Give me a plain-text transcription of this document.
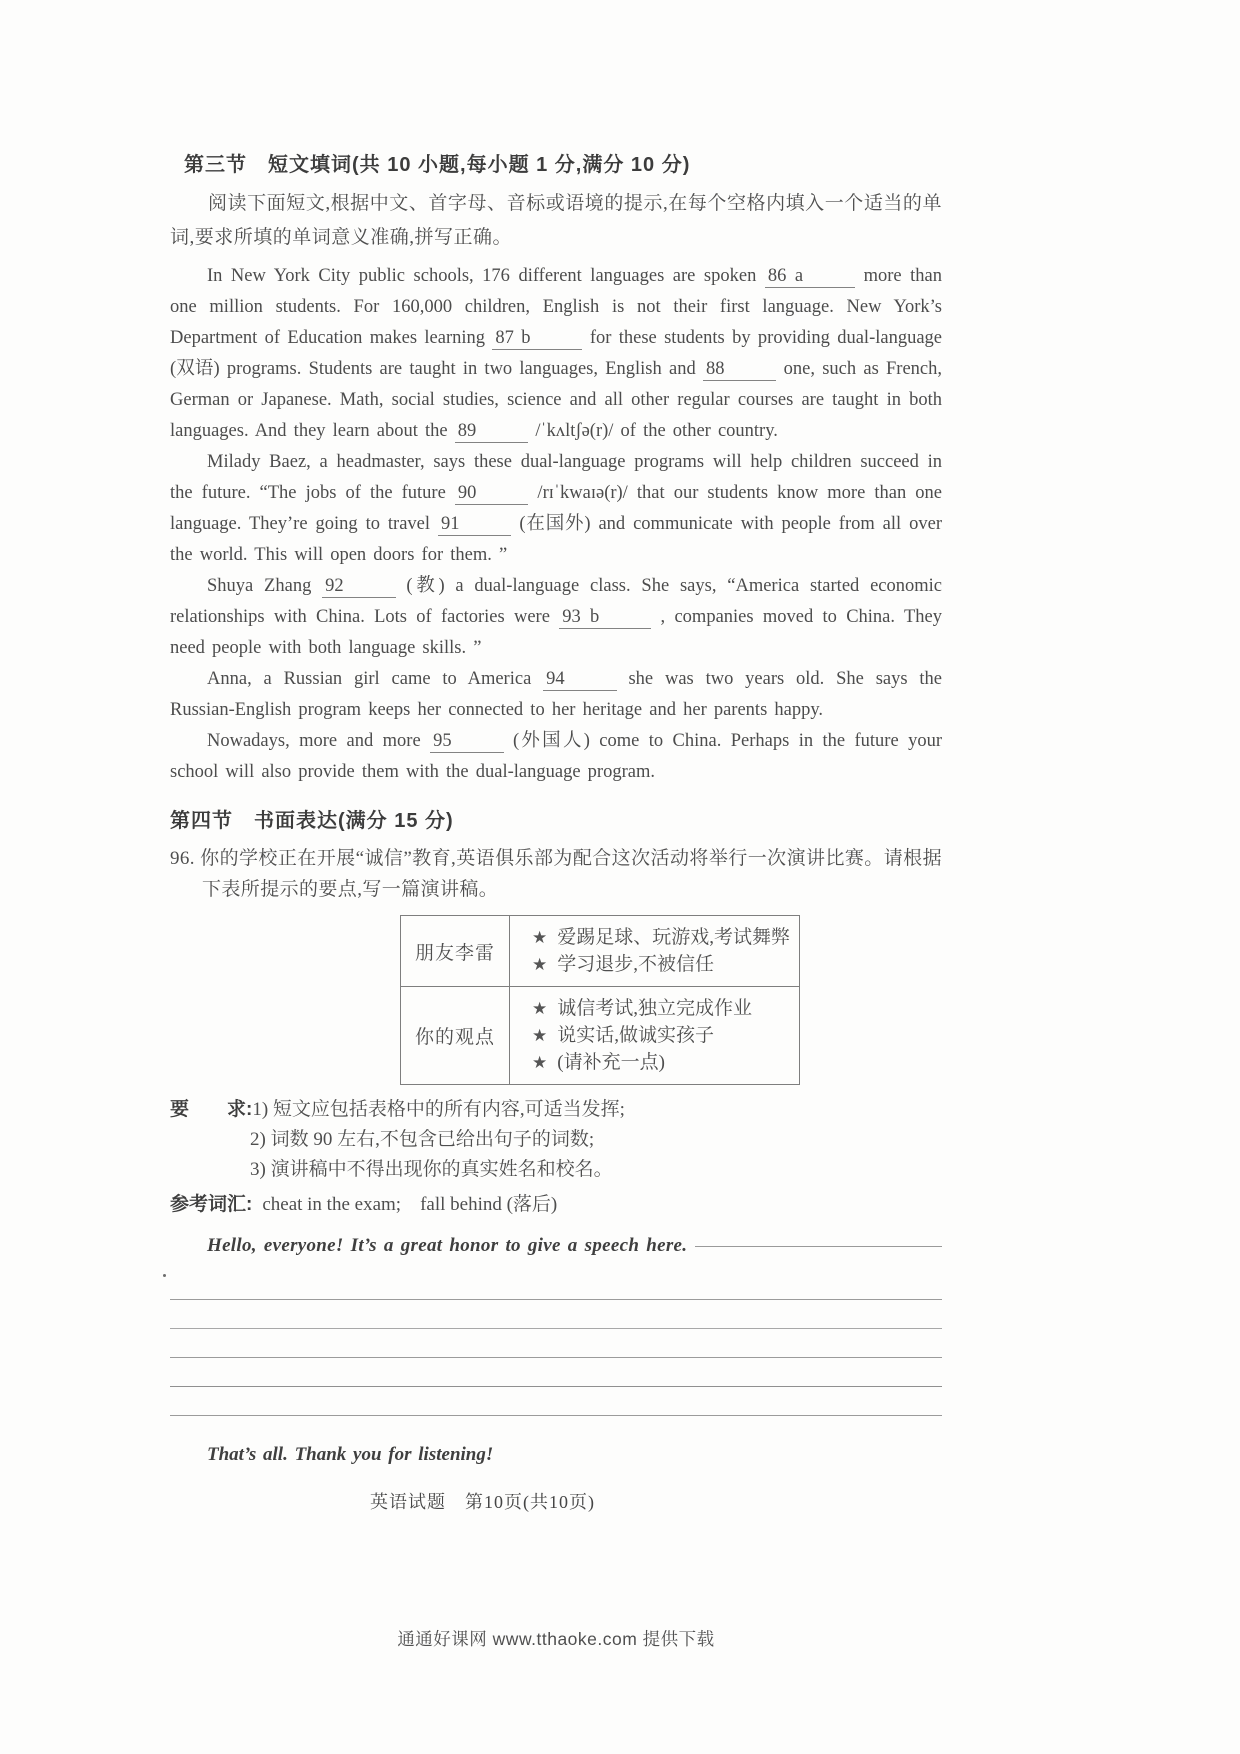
第三节　短文填词(共 10 小题,每小题 1 分,满分 10 分)

阅读下面短文,根据中文、首字母、音标或语境的提示,在每个空格内填入一个适当的单词,要求所填的单词意义准确,拼写正确。

In New York City public schools, 176 different languages are spoken 86 a	more than one million students. For 160,000 children, English is not their first language. New York’s Department of Education makes learning 87 b	for these students by providing dual-language (双语) programs. Students are taught in two languages, English and 88	one, such as French, German or Japanese. Math, social studies, science and all other regular courses are taught in both languages. And they learn about the 89	/ˈkʌltʃə(r)/ of the other country.

Milady Baez, a headmaster, says these dual-language programs will help children succeed in the future. “The jobs of the future 90	/rɪˈkwaɪə(r)/ that our students know more than one language. They’re going to travel 91	(在国外) and communicate with people from all over the world. This will open doors for them. ”

Shuya Zhang 92	(教) a dual-language class. She says, “America started economic relationships with China. Lots of factories were 93 b	, companies moved to China. They need people with both language skills. ”

Anna, a Russian girl came to America 94	she was two years old. She says the Russian-English program keeps her connected to her heritage and her parents happy.

Nowadays, more and more 95	(外国人) come to China. Perhaps in the future your school will also provide them with the dual-language program.

第四节　书面表达(满分 15 分)

96. 你的学校正在开展“诚信”教育,英语俱乐部为配合这次活动将举行一次演讲比赛。请根据下表所提示的要点,写一篇演讲稿。

朋友李雷
★ 爱踢足球、玩游戏,考试舞弊
★ 学习退步,不被信任
你的观点
★ 诚信考试,独立完成作业
★ 说实话,做诚实孩子
★ (请补充一点)
要　　求:1) 短文应包括表格中的所有内容,可适当发挥;
2) 词数 90 左右,不包含已给出句子的词数;
3) 演讲稿中不得出现你的真实姓名和校名。
参考词汇: cheat in the exam;　fall behind (落后)
Hello, everyone! It’s a great honor to give a speech here.
That’s all. Thank you for listening!
英语试题　第10页(共10页)
通通好课网 www.tthaoke.com 提供下载
